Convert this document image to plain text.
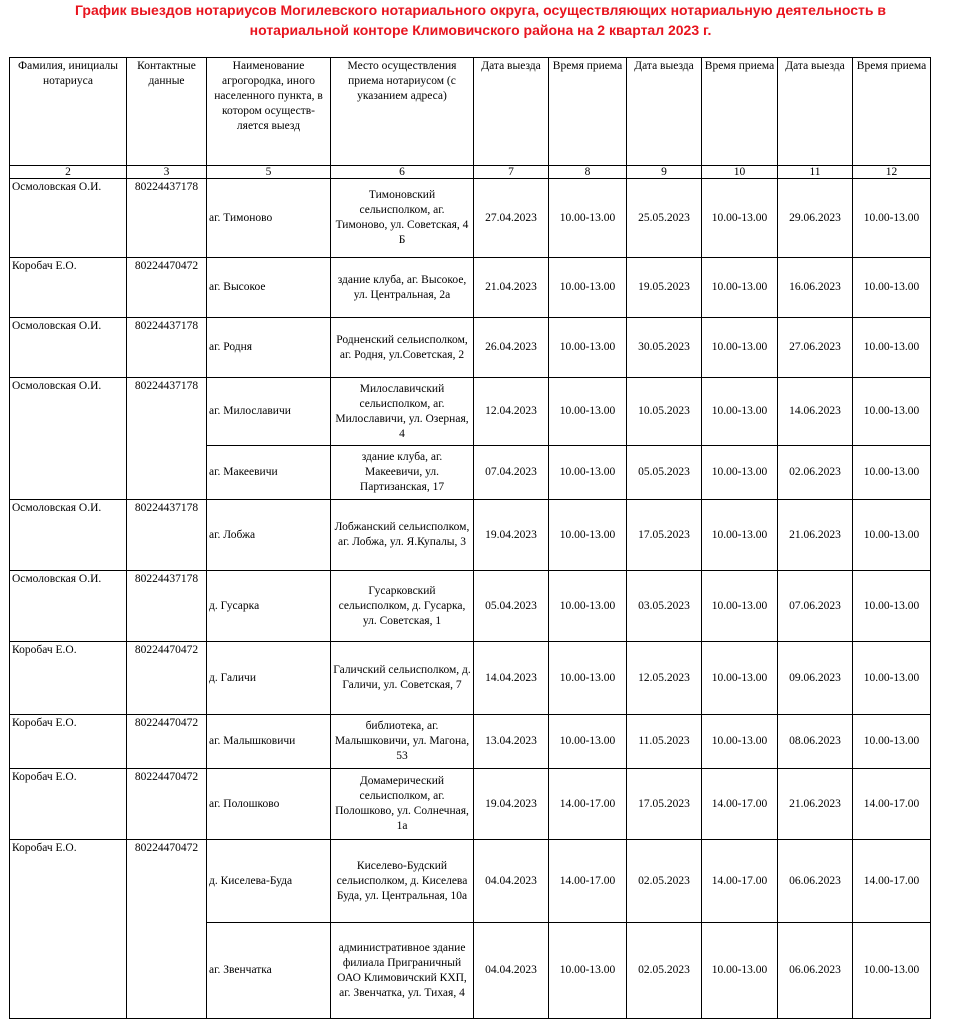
График выездов нотариусов Могилевского нотариального округа, осуществляющих нотариальную деятельность в
нотариальной конторе Климовичского района на 2 квартал 2023 г.
Фамилия, инициалы нотариуса	Контактные данные	Наименование агрогородка, иного населенного пункта, в котором осуществ-ляется выезд	Место осуществления приема нотариусом (с указанием адреса)	Дата выезда	Время приема	Дата выезда	Время приема	Дата выезда	Время приема
2	3	5	6	7	8	9	10	11	12
Осмоловская О.И.	80224437178	аг. Тимоново	Тимоновский сельисполком, аг. Тимоново, ул. Советская, 4 Б	27.04.2023	10.00-13.00	25.05.2023	10.00-13.00	29.06.2023	10.00-13.00
Коробач Е.О.	80224470472	аг. Высокое	здание клуба, аг. Высокое, ул. Центральная, 2а	21.04.2023	10.00-13.00	19.05.2023	10.00-13.00	16.06.2023	10.00-13.00
Осмоловская О.И.	80224437178	аг. Родня	Родненский сельисполком, аг. Родня, ул.Советская, 2	26.04.2023	10.00-13.00	30.05.2023	10.00-13.00	27.06.2023	10.00-13.00
Осмоловская О.И.	80224437178	аг. Милославичи	Милославичский сельисполком, аг. Милославичи, ул. Озерная, 4	12.04.2023	10.00-13.00	10.05.2023	10.00-13.00	14.06.2023	10.00-13.00
		аг. Макеевичи	здание клуба, аг. Макеевичи, ул. Партизанская, 17	07.04.2023	10.00-13.00	05.05.2023	10.00-13.00	02.06.2023	10.00-13.00
Осмоловская О.И.	80224437178	аг. Лобжа	Лобжанский сельисполком, аг. Лобжа, ул. Я.Купалы, 3	19.04.2023	10.00-13.00	17.05.2023	10.00-13.00	21.06.2023	10.00-13.00
Осмоловская О.И.	80224437178	д. Гусарка	Гусарковский сельисполком, д. Гусарка, ул. Советская, 1	05.04.2023	10.00-13.00	03.05.2023	10.00-13.00	07.06.2023	10.00-13.00
Коробач Е.О.	80224470472	д. Галичи	Галичский сельисполком, д. Галичи, ул. Советская, 7	14.04.2023	10.00-13.00	12.05.2023	10.00-13.00	09.06.2023	10.00-13.00
Коробач Е.О.	80224470472	аг. Малышковичи	библиотека, аг. Малышковичи, ул. Магона, 53	13.04.2023	10.00-13.00	11.05.2023	10.00-13.00	08.06.2023	10.00-13.00
Коробач Е.О.	80224470472	аг. Полошково	Домамерический сельисполком, аг. Полошково, ул. Солнечная, 1а	19.04.2023	14.00-17.00	17.05.2023	14.00-17.00	21.06.2023	14.00-17.00
Коробач Е.О.	80224470472	д. Киселева-Буда	Киселево-Будский сельисполком, д. Киселева Буда, ул. Центральная, 10а	04.04.2023	14.00-17.00	02.05.2023	14.00-17.00	06.06.2023	14.00-17.00
		аг. Звенчатка	административное здание филиала Приграничный ОАО Климовичский КХП, аг. Звенчатка, ул. Тихая, 4	04.04.2023	10.00-13.00	02.05.2023	10.00-13.00	06.06.2023	10.00-13.00
